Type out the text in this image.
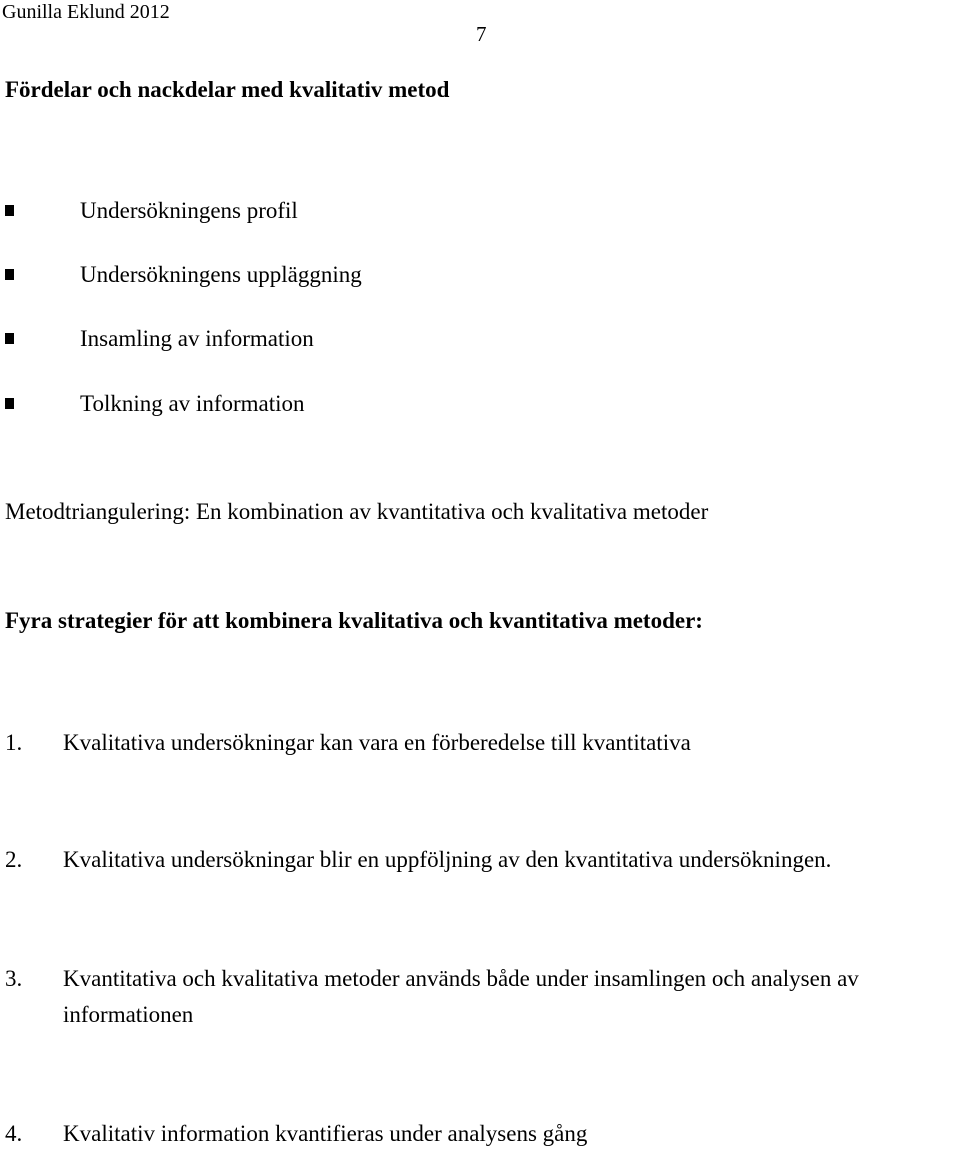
Gunilla Eklund 2012
7
Fördelar och nackdelar med kvalitativ metod
Undersökningens profil
Undersökningens uppläggning
Insamling av information
Tolkning av information
Metodtriangulering: En kombination av kvantitativa och kvalitativa metoder
Fyra strategier för att kombinera kvalitativa och kvantitativa metoder:
1. Kvalitativa undersökningar kan vara en förberedelse till kvantitativa
2. Kvalitativa undersökningar blir en uppföljning av den kvantitativa undersökningen.
3. Kvantitativa och kvalitativa metoder används både under insamlingen och analysen av informationen
4. Kvalitativ information kvantifieras under analysens gång
